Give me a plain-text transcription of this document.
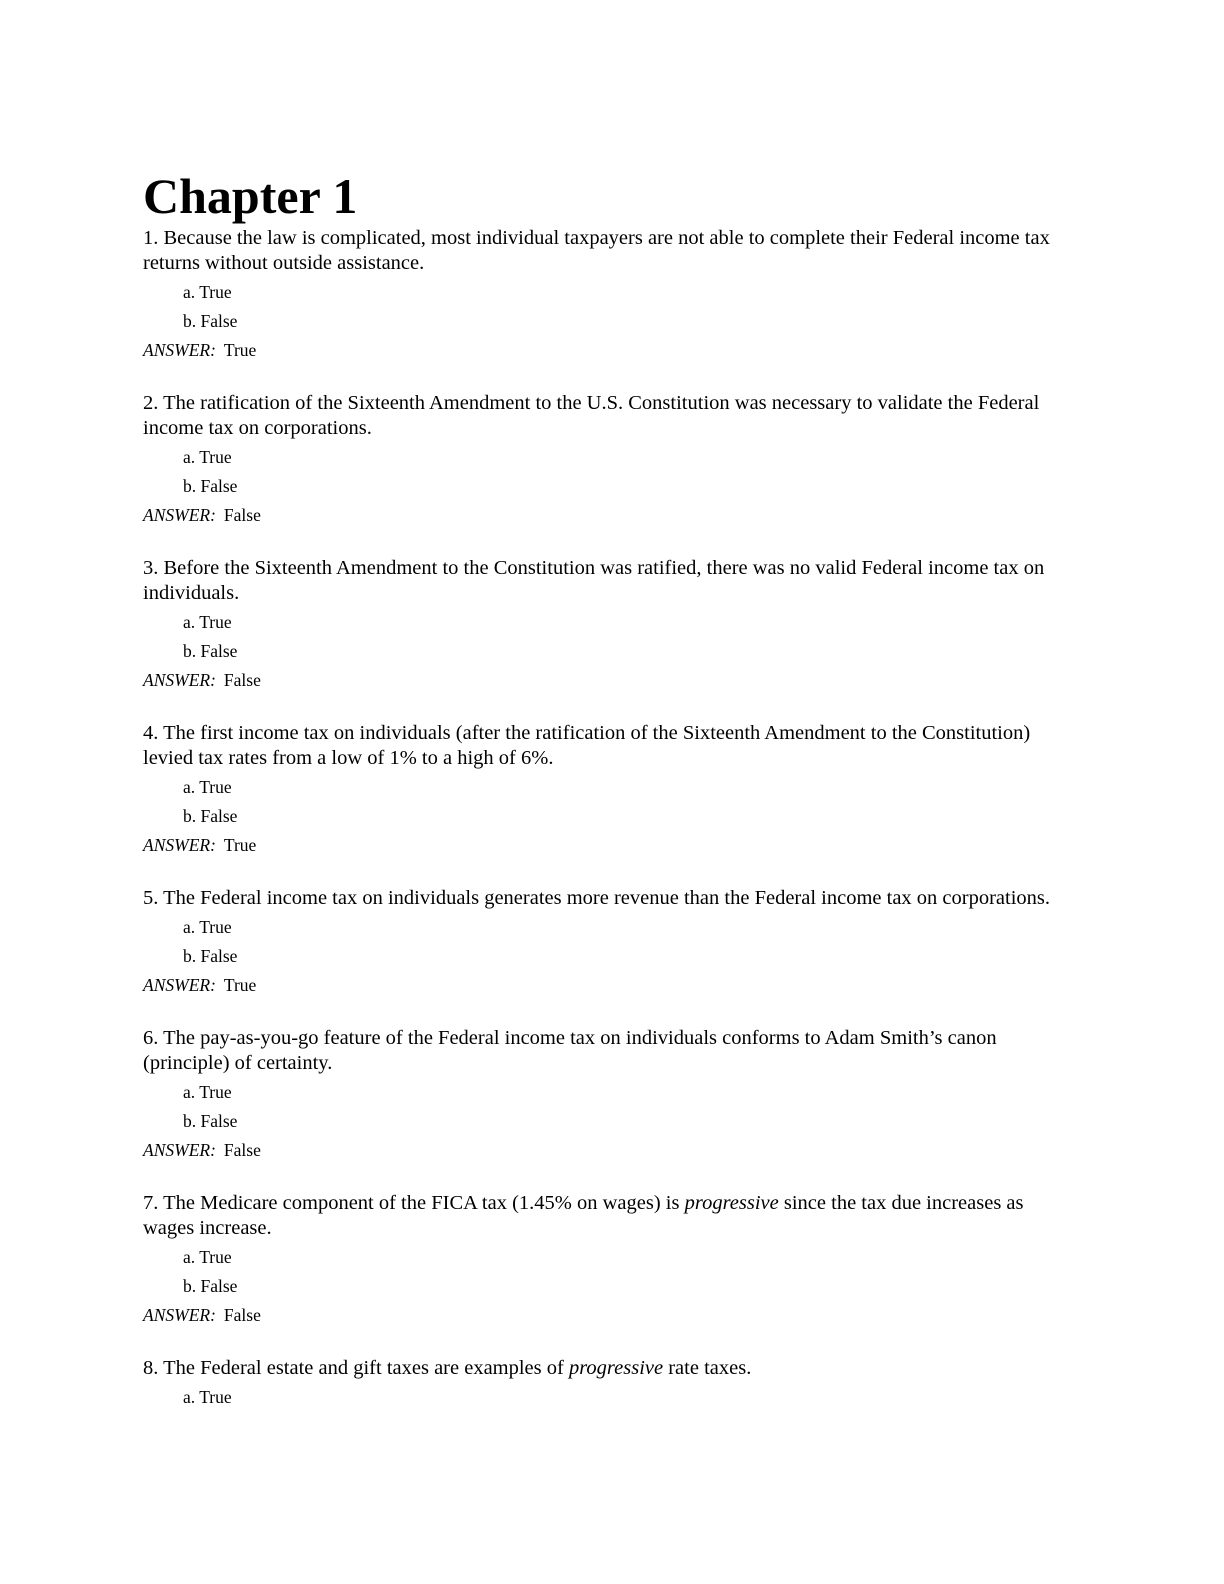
Chapter 1

1. Because the law is complicated, most individual taxpayers are not able to complete their Federal income tax returns without outside assistance.

a. True
b. False
ANSWER: True

2. The ratification of the Sixteenth Amendment to the U.S. Constitution was necessary to validate the Federal income tax on corporations.

a. True
b. False
ANSWER: False

3. Before the Sixteenth Amendment to the Constitution was ratified, there was no valid Federal income tax on individuals.

a. True
b. False
ANSWER: False

4. The first income tax on individuals (after the ratification of the Sixteenth Amendment to the Constitution) levied tax rates from a low of 1% to a high of 6%.

a. True
b. False
ANSWER: True

5. The Federal income tax on individuals generates more revenue than the Federal income tax on corporations.

a. True
b. False
ANSWER: True

6. The pay-as-you-go feature of the Federal income tax on individuals conforms to Adam Smith’s canon (principle) of certainty.

a. True
b. False
ANSWER: False

7. The Medicare component of the FICA tax (1.45% on wages) is progressive since the tax due increases as wages increase.

a. True
b. False
ANSWER: False

8. The Federal estate and gift taxes are examples of progressive rate taxes.

a. True
